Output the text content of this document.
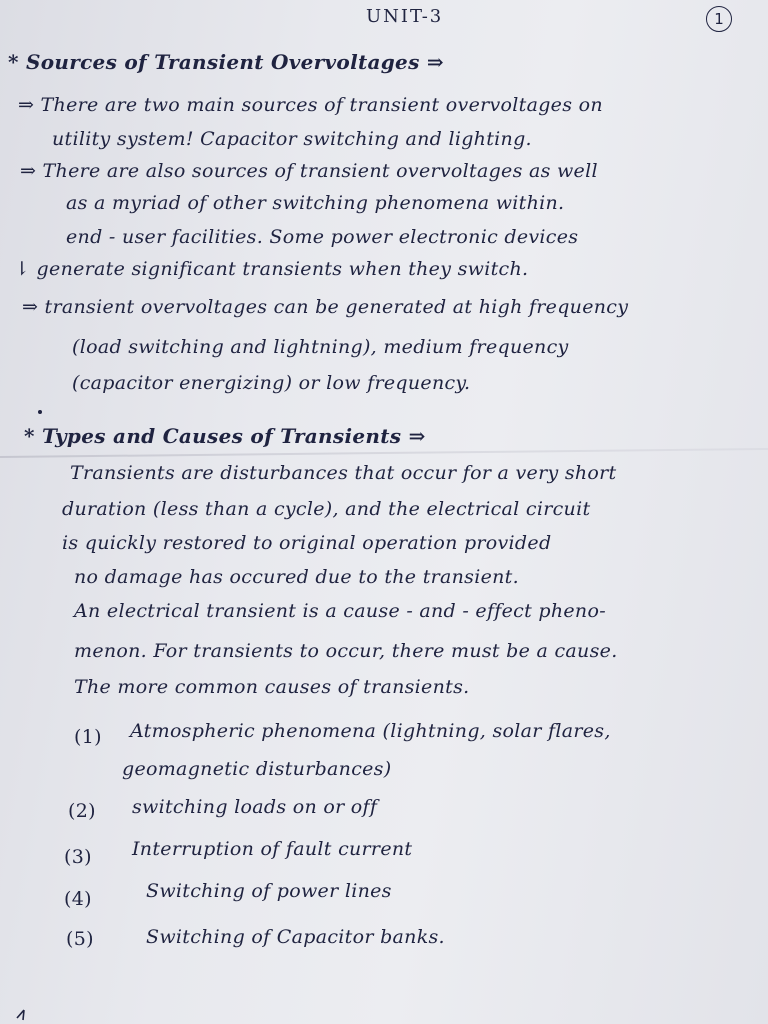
UNIT-3	1
* Sources of Transient Overvoltages ⇒
⇒ There are two main sources of transient overvoltages on
utility system! Capacitor switching and lighting.
⇒ There are also sources of transient overvoltages as well
as a myriad of other switching phenomena within.
end - user facilities. Some power electronic devices
⇂ generate significant transients when they switch.
⇒ transient overvoltages can be generated at high frequency
(load switching and lightning), medium frequency
(capacitor energizing) or low frequency.
* Types and Causes of Transients ⇒
Transients are disturbances that occur for a very short
duration (less than a cycle), and the electrical circuit
is quickly restored to original operation provided
no damage has occured due to the transient.
An electrical transient is a cause - and - effect pheno-
menon. For transients to occur, there must be a cause.
The more common causes of transients.
(1) Atmospheric phenomena (lightning, solar flares,
geomagnetic disturbances)
(2) switching loads on or off
(3) Interruption of fault current
(4)	Switching of power lines
(5)	Switching of Capacitor banks.
